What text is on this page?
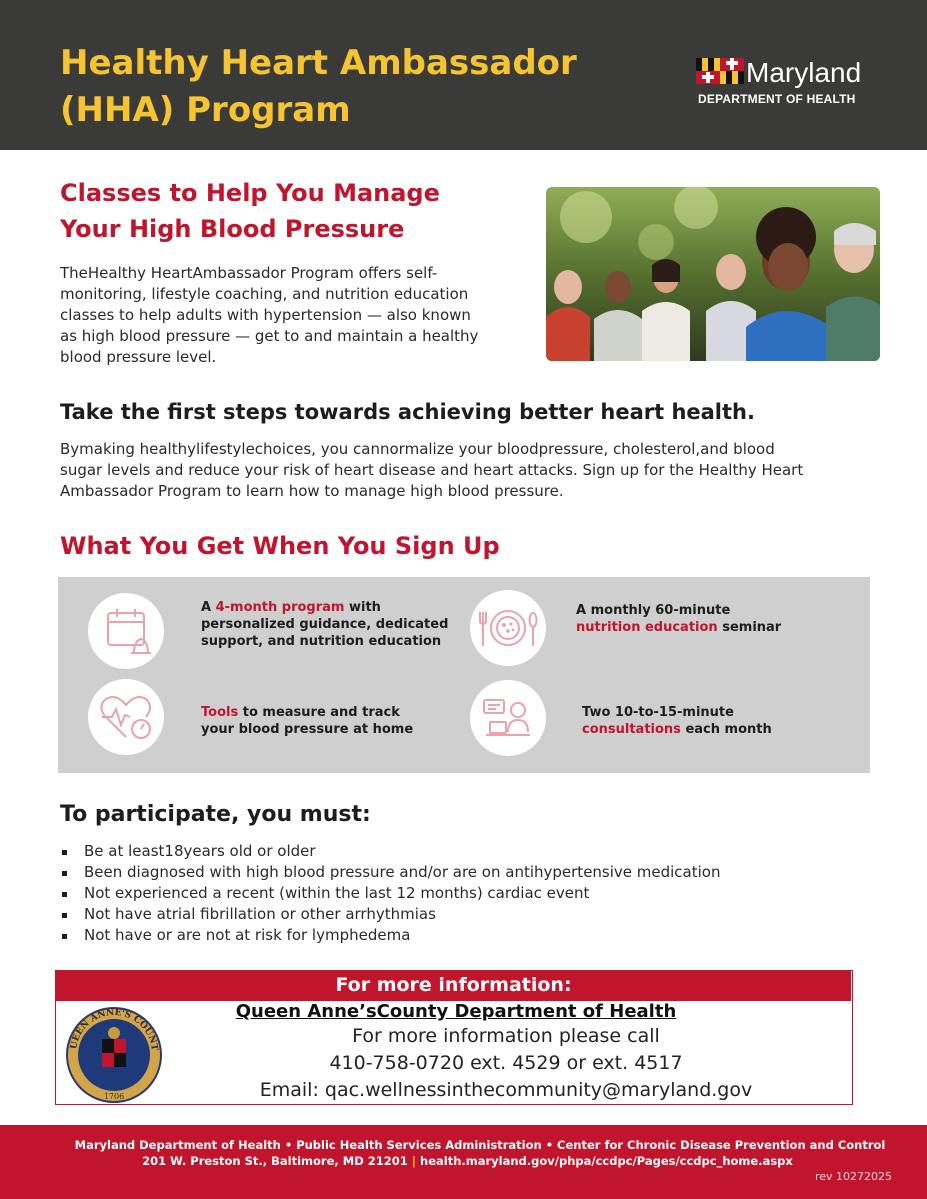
Healthy Heart Ambassador
(HHA) Program
Maryland
DEPARTMENT OF HEALTH
Classes to Help You Manage
Your High Blood Pressure
TheHealthy HeartAmbassador Program offers self-
monitoring, lifestyle coaching, and nutrition education
classes to help adults with hypertension — also known
as high blood pressure — get to and maintain a healthy
blood pressure level.
Take the first steps towards achieving better heart health.
Bymaking healthylifestylechoices, you cannormalize your bloodpressure, cholesterol,and blood
sugar levels and reduce your risk of heart disease and heart attacks. Sign up for the Healthy Heart
Ambassador Program to learn how to manage high blood pressure.
What You Get When You Sign Up
A 4-month program with
personalized guidance, dedicated
support, and nutrition education
A monthly 60-minute
nutrition education seminar
Tools to measure and track
your blood pressure at home
Two 10-to-15-minute
consultations each month
To participate, you must:
Be at least18years old or older
Been diagnosed with high blood pressure and/or are on antihypertensive medication
Not experienced a recent (within the last 12 months) cardiac event
Not have atrial fibrillation or other arrhythmias
Not have or are not at risk for lymphedema
For more information:
UEEN ANNE'S COUNT
1706
Queen Anne’sCounty Department of Health
For more information please call
410-758-0720 ext. 4529 or ext. 4517
Email: qac.wellnessinthecommunity@maryland.gov
Maryland Department of Health • Public Health Services Administration • Center for Chronic Disease Prevention and Control
201 W. Preston St., Baltimore, MD 21201 | health.maryland.gov/phpa/ccdpc/Pages/ccdpc_home.aspx
rev 10272025
